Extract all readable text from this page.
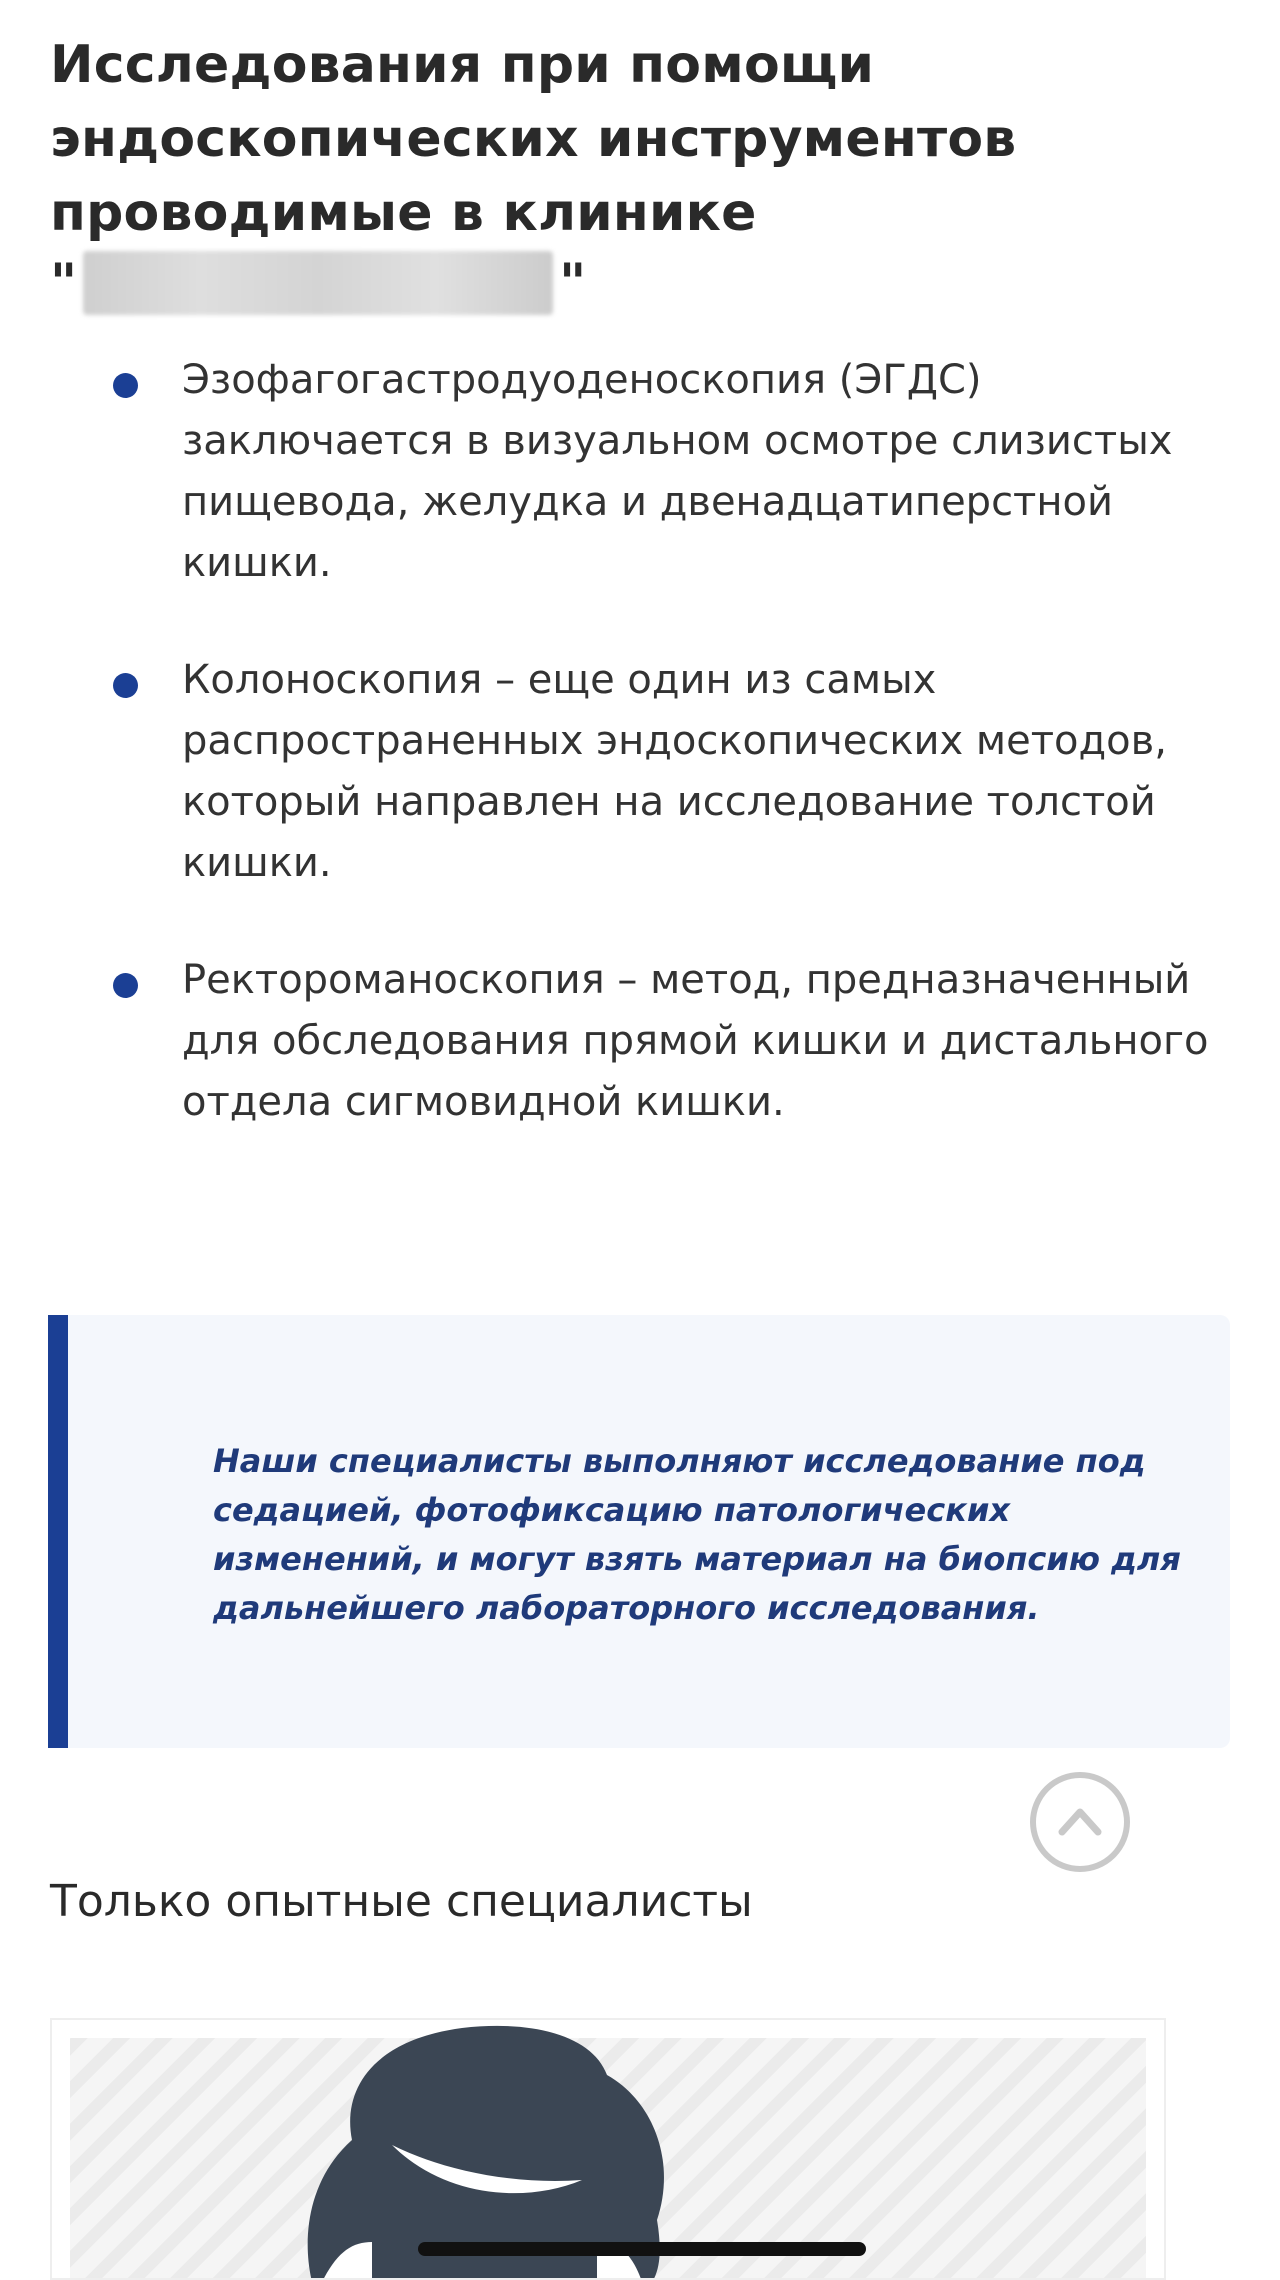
Исследования при помощи эндоскопических инструментов проводимые в клинике
"	"
Эзофагогастродуоденоскопия (ЭГДС) заключается в визуальном осмотре слизистых пищевода, желудка и двенадцатиперстной кишки.
Колоноскопия – еще один из самых распространенных эндоскопических методов, который направлен на исследование толстой кишки.
Ректороманоскопия – метод, предназначенный для обследования прямой кишки и дистального отдела сигмовидной кишки.

Наши специалисты выполняют исследование под седацией, фотофиксацию патологических изменений, и могут взять материал на биопсию для дальнейшего лабораторного исследования.

Только опытные специалисты
